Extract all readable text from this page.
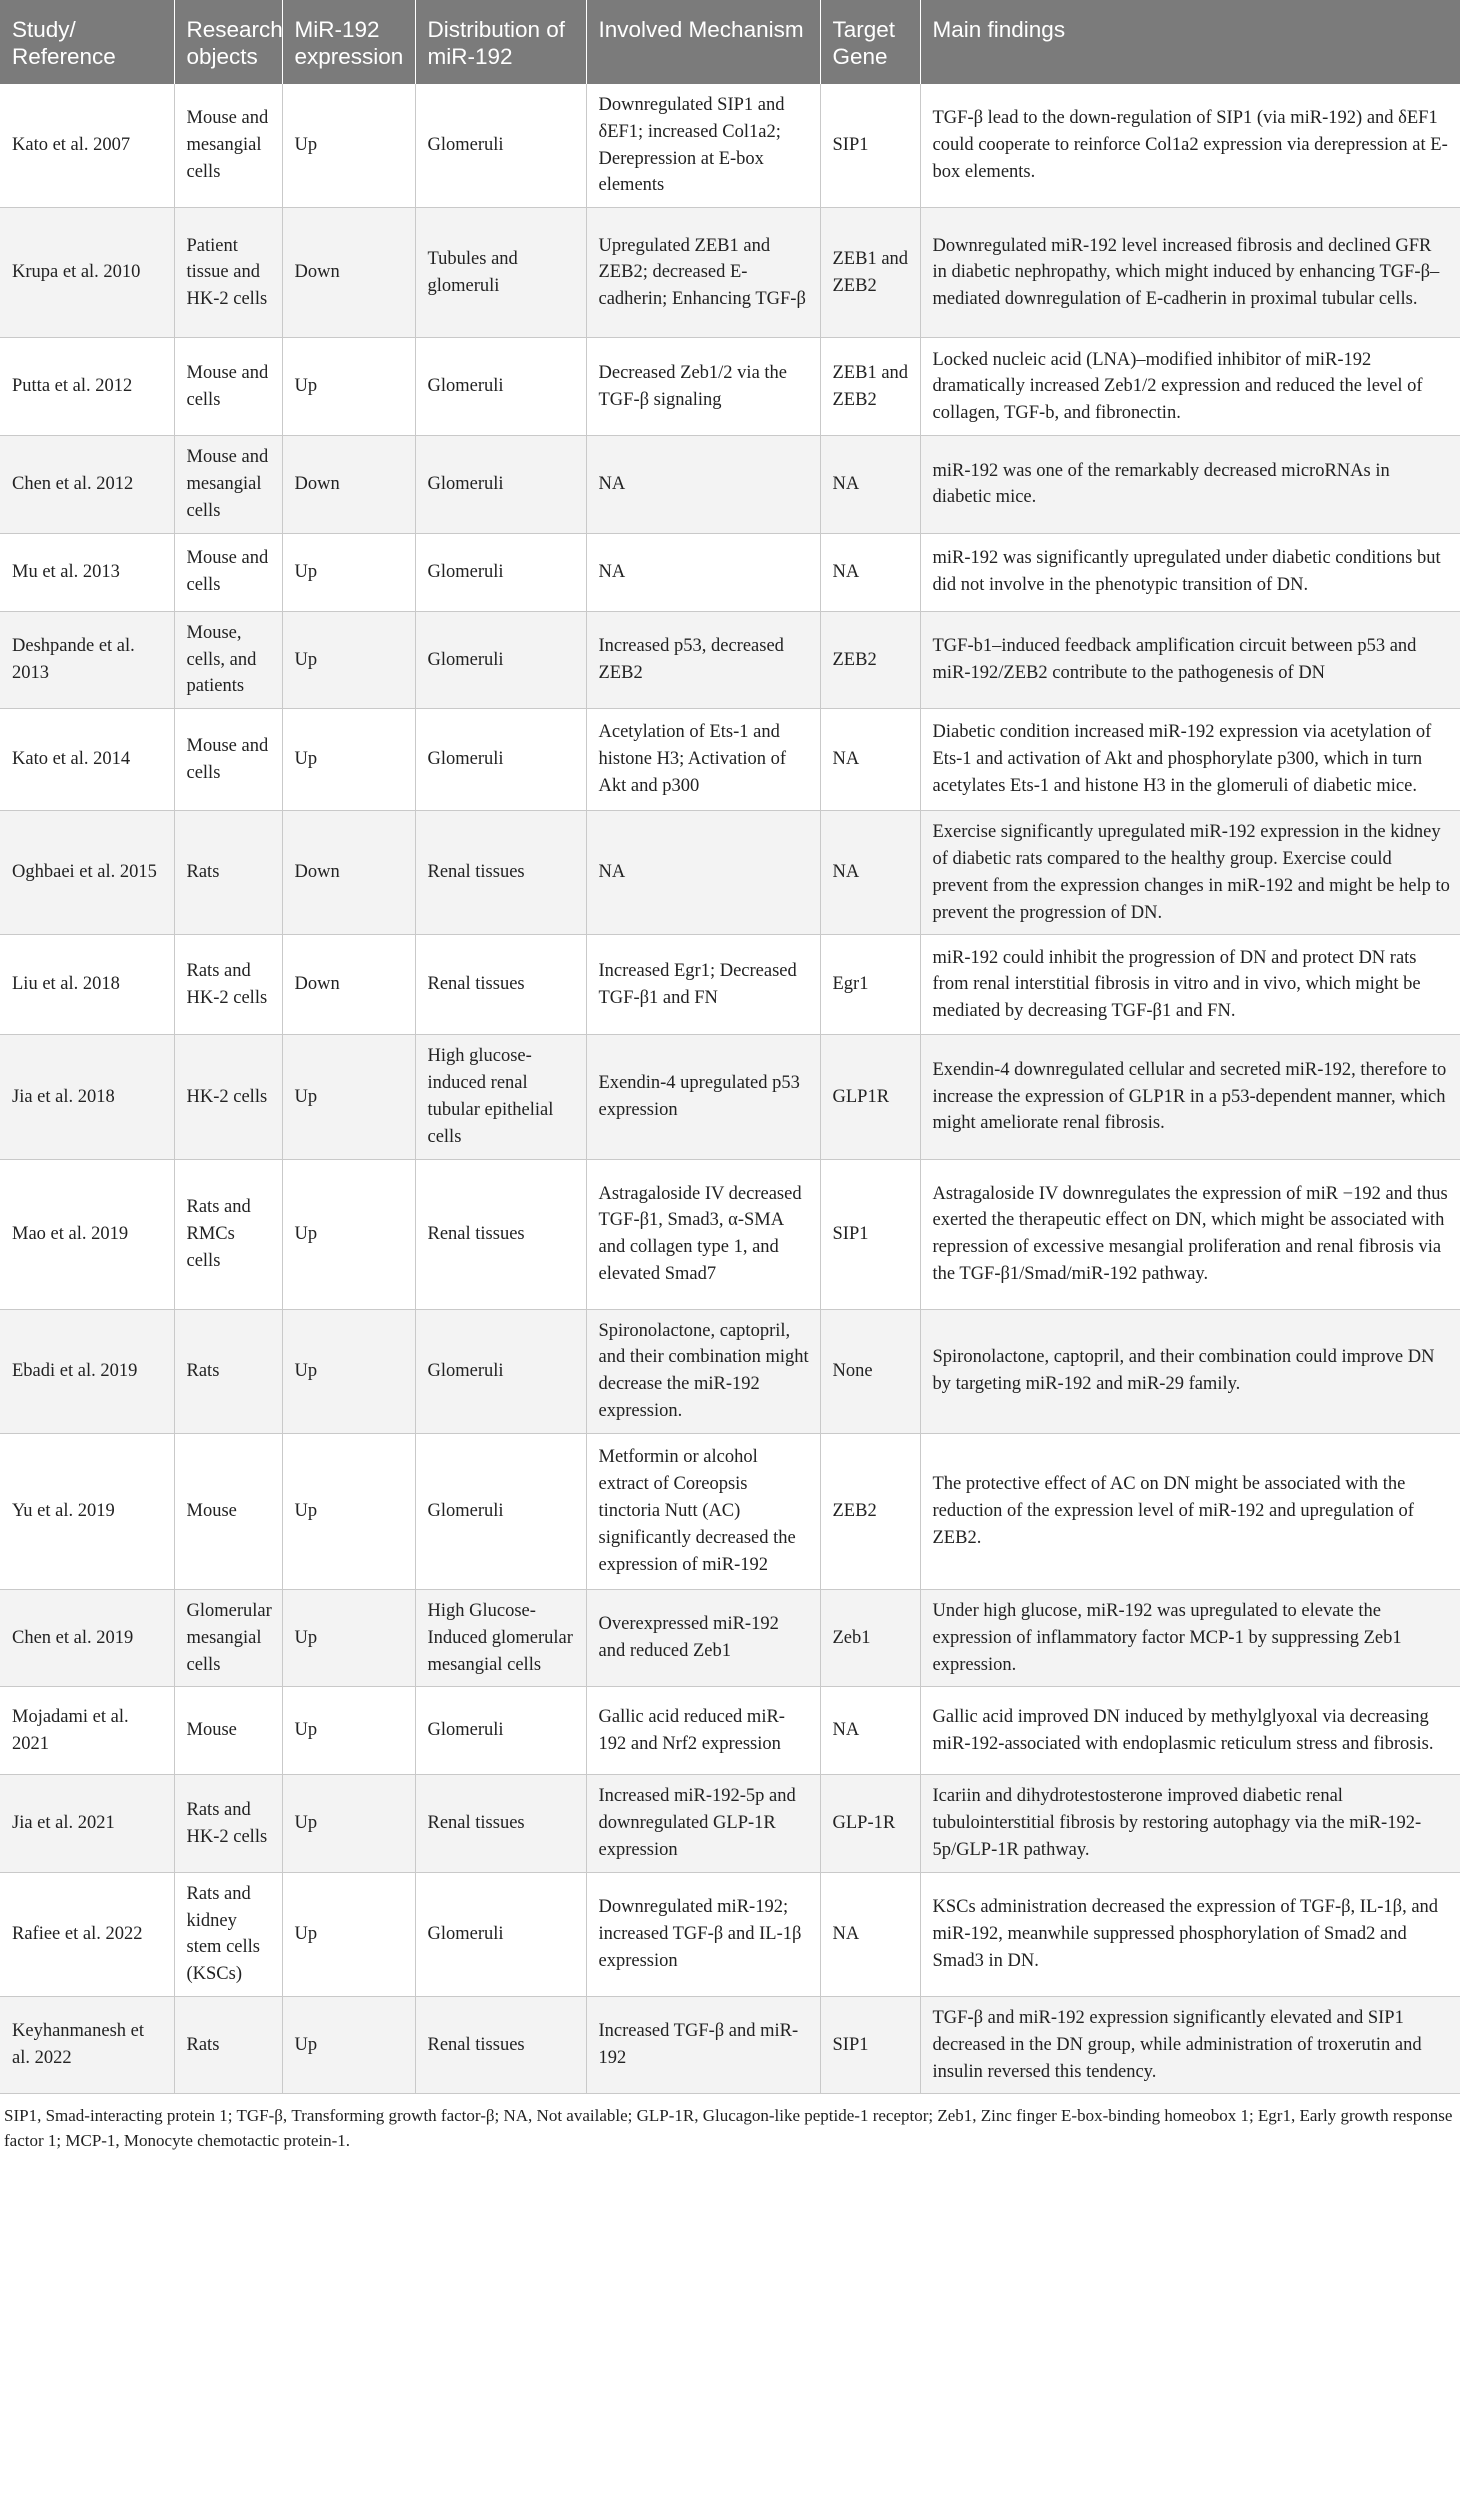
Study/ Reference	Research objects	MiR-192 expression	Distribution of miR-192	Involved Mechanism	Target Gene	Main findings
Kato et al. 2007	Mouse and mesangial cells	Up	Glomeruli	Downregulated SIP1 and δEF1; increased Col1a2; Derepression at E-box elements	SIP1	TGF-β lead to the down-regulation of SIP1 (via miR-192) and δEF1 could cooperate to reinforce Col1a2 expression via derepression at E-box elements.
Krupa et al. 2010	Patient tissue and HK-2 cells	Down	Tubules and glomeruli	Upregulated ZEB1 and ZEB2; decreased E-cadherin; Enhancing TGF-β	ZEB1 and ZEB2	Downregulated miR-192 level increased fibrosis and declined GFR in diabetic nephropathy, which might induced by enhancing TGF-β–mediated downregulation of E-cadherin in proximal tubular cells.
Putta et al. 2012	Mouse and cells	Up	Glomeruli	Decreased Zeb1/2 via the TGF-β signaling	ZEB1 and ZEB2	Locked nucleic acid (LNA)–modified inhibitor of miR-192 dramatically increased Zeb1/2 expression and reduced the level of collagen, TGF-b, and fibronectin.
Chen et al. 2012	Mouse and mesangial cells	Down	Glomeruli	NA	NA	miR-192 was one of the remarkably decreased microRNAs in diabetic mice.
Mu et al. 2013	Mouse and cells	Up	Glomeruli	NA	NA	miR-192 was significantly upregulated under diabetic conditions but did not involve in the phenotypic transition of DN.
Deshpande et al. 2013	Mouse, cells, and patients	Up	Glomeruli	Increased p53, decreased ZEB2	ZEB2	TGF-b1–induced feedback amplification circuit between p53 and miR-192/ZEB2 contribute to the pathogenesis of DN
Kato et al. 2014	Mouse and cells	Up	Glomeruli	Acetylation of Ets-1 and histone H3; Activation of Akt and p300	NA	Diabetic condition increased miR-192 expression via acetylation of Ets-1 and activation of Akt and phosphorylate p300, which in turn acetylates Ets-1 and histone H3 in the glomeruli of diabetic mice.
Oghbaei et al. 2015	Rats	Down	Renal tissues	NA	NA	Exercise significantly upregulated miR-192 expression in the kidney of diabetic rats compared to the healthy group. Exercise could prevent from the expression changes in miR-192 and might be help to prevent the progression of DN.
Liu et al. 2018	Rats and HK-2 cells	Down	Renal tissues	Increased Egr1; Decreased TGF-β1 and FN	Egr1	miR-192 could inhibit the progression of DN and protect DN rats from renal interstitial fibrosis in vitro and in vivo, which might be mediated by decreasing TGF-β1 and FN.
Jia et al. 2018	HK-2 cells	Up	High glucose-induced renal tubular epithelial cells	Exendin-4 upregulated p53 expression	GLP1R	Exendin-4 downregulated cellular and secreted miR-192, therefore to increase the expression of GLP1R in a p53-dependent manner, which might ameliorate renal fibrosis.
Mao et al. 2019	Rats and RMCs cells	Up	Renal tissues	Astragaloside IV decreased TGF-β1, Smad3, α-SMA and collagen type 1, and elevated Smad7	SIP1	Astragaloside IV downregulates the expression of miR −192 and thus exerted the therapeutic effect on DN, which might be associated with repression of excessive mesangial proliferation and renal fibrosis via the TGF-β1/Smad/miR-192 pathway.
Ebadi et al. 2019	Rats	Up	Glomeruli	Spironolactone, captopril, and their combination might decrease the miR-192 expression.	None	Spironolactone, captopril, and their combination could improve DN by targeting miR-192 and miR-29 family.
Yu et al. 2019	Mouse	Up	Glomeruli	Metformin or alcohol extract of Coreopsis tinctoria Nutt (AC) significantly decreased the expression of miR-192	ZEB2	The protective effect of AC on DN might be associated with the reduction of the expression level of miR-192 and upregulation of ZEB2.
Chen et al. 2019	Glomerular mesangial cells	Up	High Glucose-Induced glomerular mesangial cells	Overexpressed miR-192 and reduced Zeb1	Zeb1	Under high glucose, miR-192 was upregulated to elevate the expression of inflammatory factor MCP-1 by suppressing Zeb1 expression.
Mojadami et al. 2021	Mouse	Up	Glomeruli	Gallic acid reduced miR-192 and Nrf2 expression	NA	Gallic acid improved DN induced by methylglyoxal via decreasing miR-192-associated with endoplasmic reticulum stress and fibrosis.
Jia et al. 2021	Rats and HK-2 cells	Up	Renal tissues	Increased miR-192-5p and downregulated GLP-1R expression	GLP-1R	Icariin and dihydrotestosterone improved diabetic renal tubulointerstitial fibrosis by restoring autophagy via the miR-192-5p/GLP-1R pathway.
Rafiee et al. 2022	Rats and kidney stem cells (KSCs)	Up	Glomeruli	Downregulated miR-192; increased TGF-β and IL-1β expression	NA	KSCs administration decreased the expression of TGF-β, IL-1β, and miR-192, meanwhile suppressed phosphorylation of Smad2 and Smad3 in DN.
Keyhanmanesh et al. 2022	Rats	Up	Renal tissues	Increased TGF-β and miR-192	SIP1	TGF-β and miR-192 expression significantly elevated and SIP1 decreased in the DN group, while administration of troxerutin and insulin reversed this tendency.
SIP1, Smad-interacting protein 1; TGF-β, Transforming growth factor-β; NA, Not available; GLP-1R, Glucagon-like peptide-1 receptor; Zeb1, Zinc finger E-box-binding homeobox 1; Egr1, Early growth response factor 1; MCP-1, Monocyte chemotactic protein-1.
